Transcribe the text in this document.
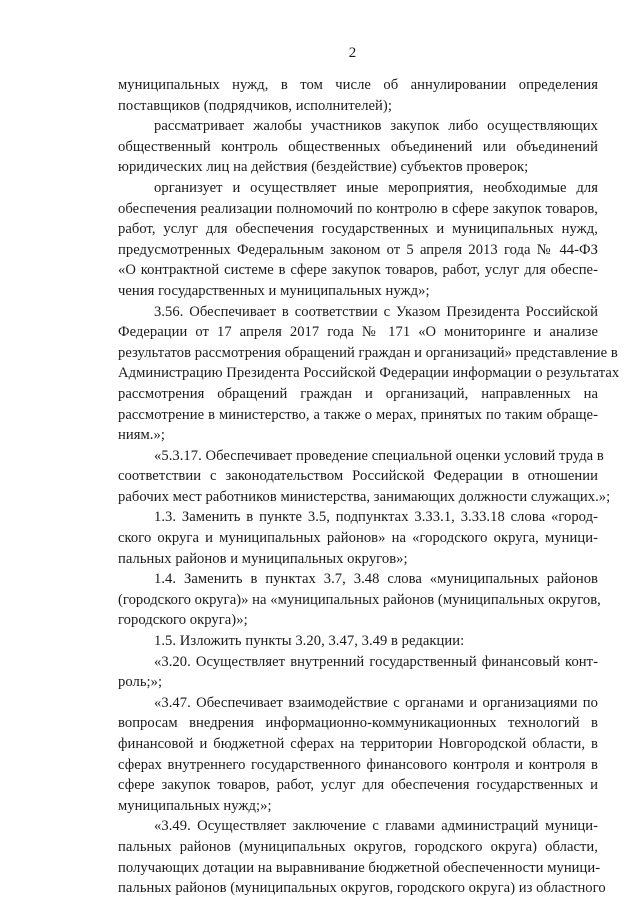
2
муниципальных нужд, в том числе об аннулировании определения
поставщиков (подрядчиков, исполнителей);
рассматривает жалобы участников закупок либо осуществляющих
общественный контроль общественных объединений или объединений
юридических лиц на действия (бездействие) субъектов проверок;
организует и осуществляет иные мероприятия, необходимые для
обеспечения реализации полномочий по контролю в сфере закупок товаров,
работ, услуг для обеспечения государственных и муниципальных нужд,
предусмотренных Федеральным законом от 5 апреля 2013 года № 44-ФЗ
«О контрактной системе в сфере закупок товаров, работ, услуг для обеспе-
чения государственных и муниципальных нужд»;
3.56. Обеспечивает в соответствии с Указом Президента Российской
Федерации от 17 апреля 2017 года № 171 «О мониторинге и анализе
результатов рассмотрения обращений граждан и организаций» представление в
Администрацию Президента Российской Федерации информации о результатах
рассмотрения обращений граждан и организаций, направленных на
рассмотрение в министерство, а также о мерах, принятых по таким обраще-
ниям.»;
«5.3.17. Обеспечивает проведение специальной оценки условий труда в
соответствии с законодательством Российской Федерации в отношении
рабочих мест работников министерства, занимающих должности служащих.»;
1.3. Заменить в пункте 3.5, подпунктах 3.33.1, 3.33.18 слова «город-
ского округа и муниципальных районов» на «городского округа, муници-
пальных районов и муниципальных округов»;
1.4. Заменить в пунктах 3.7, 3.48 слова «муниципальных районов
(городского округа)» на «муниципальных районов (муниципальных округов,
городского округа)»;
1.5. Изложить пункты 3.20, 3.47, 3.49 в редакции:
«3.20. Осуществляет внутренний государственный финансовый конт-
роль;»;
«3.47. Обеспечивает взаимодействие с органами и организациями по
вопросам внедрения информационно-коммуникационных технологий в
финансовой и бюджетной сферах на территории Новгородской области, в
сферах внутреннего государственного финансового контроля и контроля в
сфере закупок товаров, работ, услуг для обеспечения государственных и
муниципальных нужд;»;
«3.49. Осуществляет заключение с главами администраций муници-
пальных районов (муниципальных округов, городского округа) области,
получающих дотации на выравнивание бюджетной обеспеченности муници-
пальных районов (муниципальных округов, городского округа) из областного
